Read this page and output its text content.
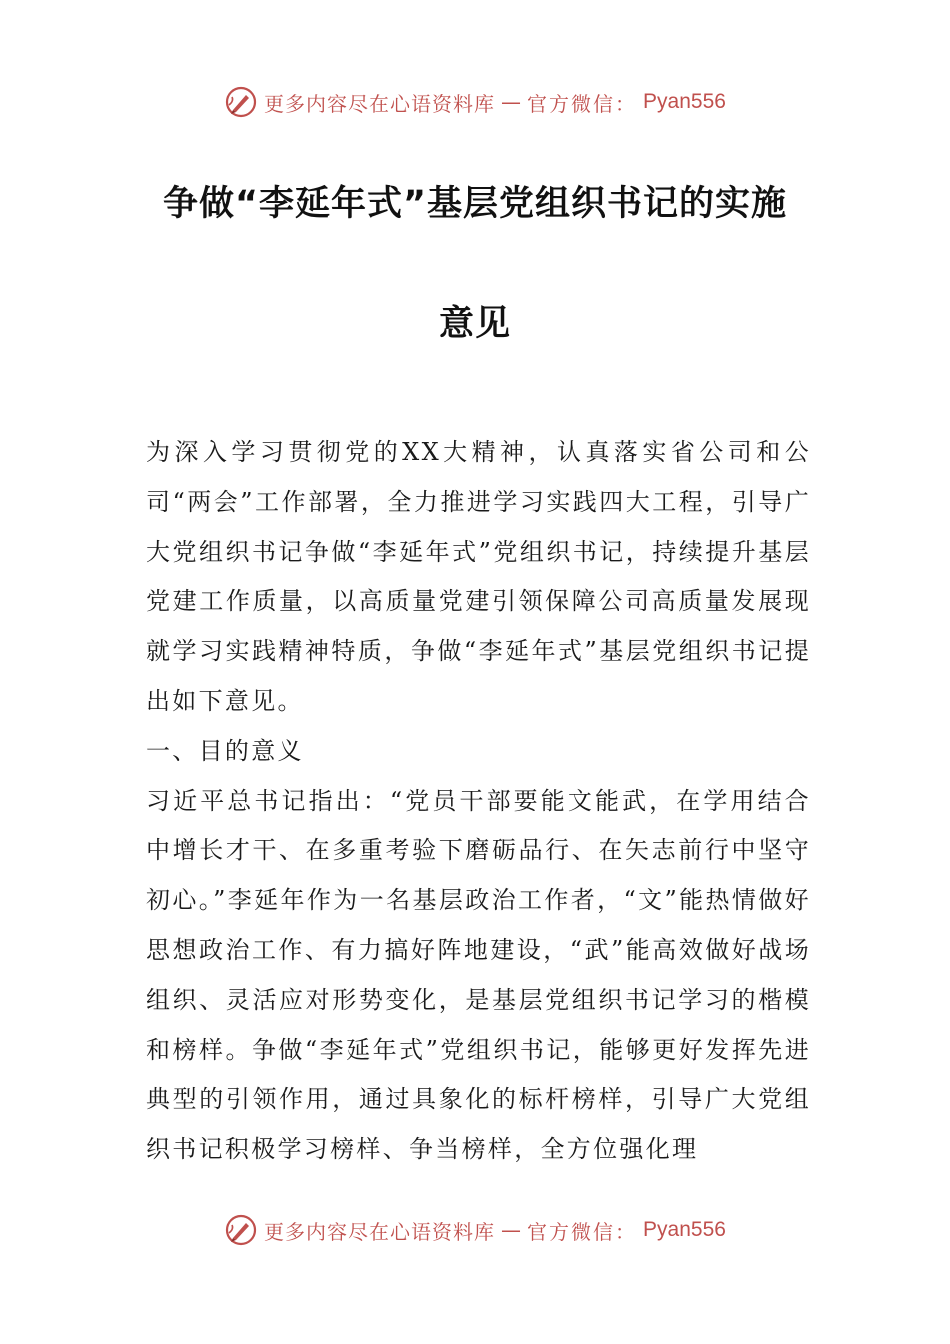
更多内容尽在心语资料库 — 官方微信： Pyan556
争做“李延年式”基层党组织书记的实施
意见

为深入学习贯彻党的XX大精神，认真落实省公司和公司“两会”工作部署，全力推进学习实践四大工程，引导广大党组织书记争做“李延年式”党组织书记，持续提升基层党建工作质量，以高质量党建引领保障公司高质量发展现就学习实践精神特质，争做“李延年式”基层党组织书记提出如下意见。

一、目的意义

习近平总书记指出：“党员干部要能文能武，在学用结合中增长才干、在多重考验下磨砺品行、在矢志前行中坚守初心。”李延年作为一名基层政治工作者，“文”能热情做好思想政治工作、有力搞好阵地建设，“武”能高效做好战场组织、灵活应对形势变化，是基层党组织书记学习的楷模和榜样。争做“李延年式”党组织书记，能够更好发挥先进典型的引领作用，通过具象化的标杆榜样，引导广大党组织书记积极学习榜样、争当榜样，全方位强化理

更多内容尽在心语资料库 — 官方微信： Pyan556
